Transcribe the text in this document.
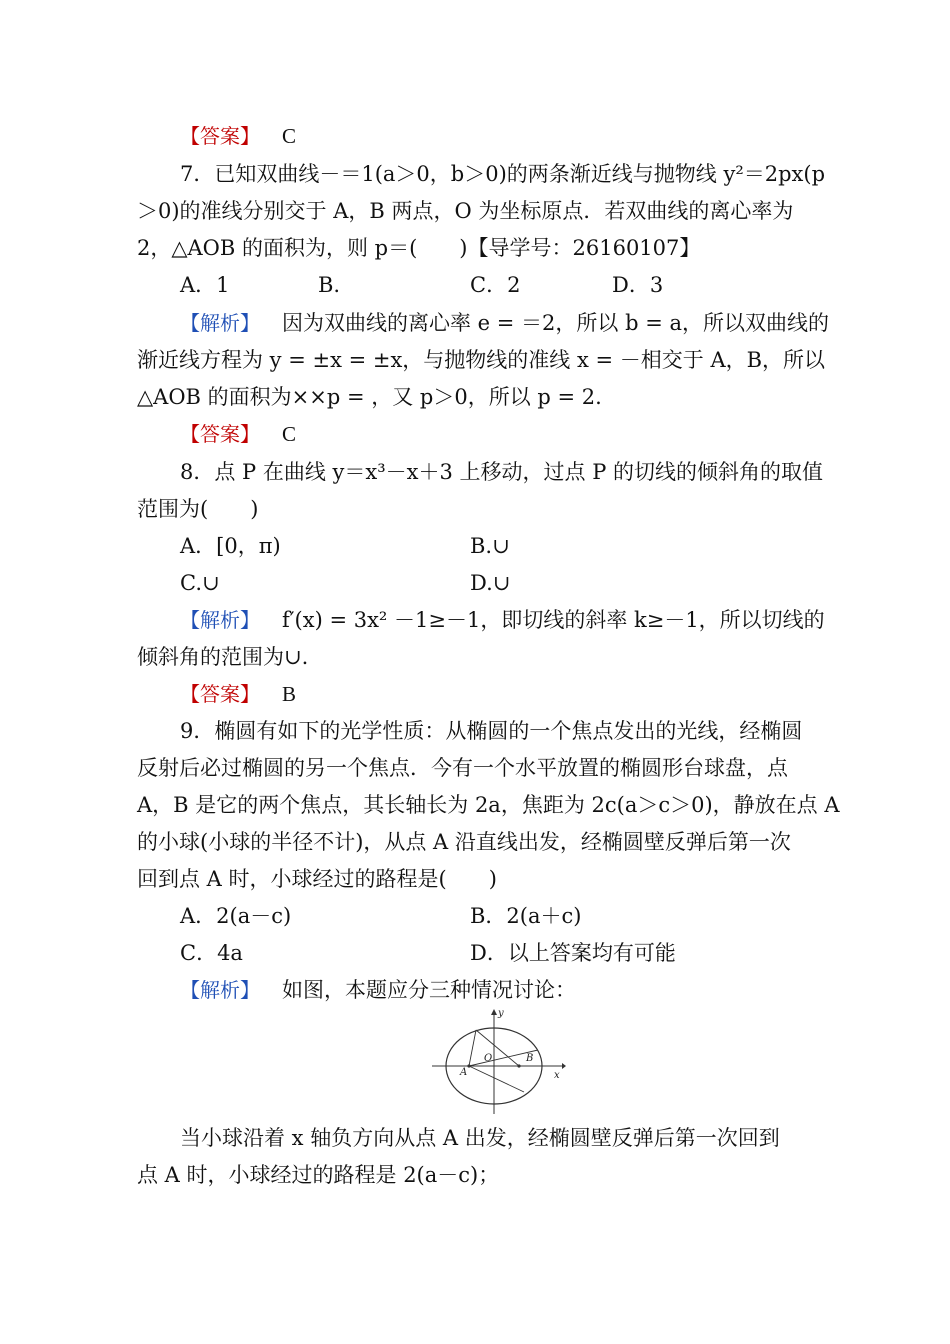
【答案】 C
7．已知双曲线－＝1(a＞0，b＞0)的两条渐近线与抛物线 y²＝2px(p
＞0)的准线分别交于 A，B 两点，O 为坐标原点．若双曲线的离心率为
2，△AOB 的面积为，则 p＝(　　)【导学号：26160107】
A．1	B.	C．2	D．3
【解析】 因为双曲线的离心率 e = ＝2，所以 b = a，所以双曲线的
渐近线方程为 y = ±x = ±x，与抛物线的准线 x = －相交于 A，B，所以
△AOB 的面积为××p = ，又 p＞0，所以 p = 2.
【答案】 C
8．点 P 在曲线 y＝x³－x＋3 上移动，过点 P 的切线的倾斜角的取值
范围为(　　)
A．[0，π)	B.∪
C.∪	D.∪
【解析】 f′(x) = 3x² －1≥－1，即切线的斜率 k≥－1，所以切线的
倾斜角的范围为∪.
【答案】 B
9．椭圆有如下的光学性质：从椭圆的一个焦点发出的光线，经椭圆
反射后必过椭圆的另一个焦点．今有一个水平放置的椭圆形台球盘，点
A，B 是它的两个焦点，其长轴长为 2a，焦距为 2c(a＞c＞0)，静放在点 A
的小球(小球的半径不计)，从点 A 沿直线出发，经椭圆壁反弹后第一次
回到点 A 时，小球经过的路程是(　　)
A．2(a－c)	B．2(a＋c)
C．4a	D．以上答案均有可能
【解析】 如图，本题应分三种情况讨论：
y
x
O
A
B
当小球沿着 x 轴负方向从点 A 出发，经椭圆壁反弹后第一次回到
点 A 时，小球经过的路程是 2(a－c)；
